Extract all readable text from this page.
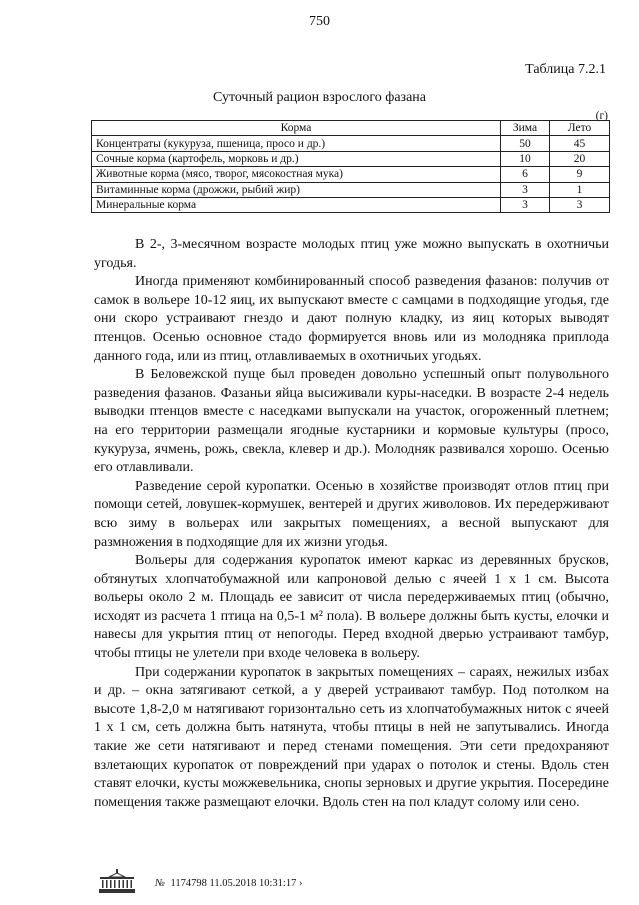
750
Таблица 7.2.1
Суточный рацион взрослого фазана
(г)
Корма	Зима	Лето
Концентраты (кукуруза, пшеница, просо и др.)	50	45
Сочные корма (картофель, морковь и др.)	10	20
Животные корма (мясо, творог, мясокостная мука)	6	9
Витаминные корма (дрожжи, рыбий жир)	3	1
Минеральные корма	3	3

В 2-, 3-месячном возрасте молодых птиц уже можно выпускать в охотничьи угодья.

Иногда применяют комбинированный способ разведения фазанов: получив от самок в вольере 10-12 яиц, их выпускают вместе с самцами в подходящие угодья, где они скоро устраивают гнездо и дают полную кладку, из яиц которых выводят птенцов. Осенью основное стадо формируется вновь или из молодняка приплода данного года, или из птиц, отлавливаемых в охотничьих угодьях.

В Беловежской пуще был проведен довольно успешный опыт полувольного разведения фазанов. Фазаньи яйца высиживали куры-наседки. В возрасте 2-4 недель выводки птенцов вместе с наседками выпускали на участок, огороженный плетнем; на его территории размещали ягодные кустарники и кормовые культуры (просо, кукуруза, ячмень, рожь, свекла, клевер и др.). Молодняк развивался хорошо. Осенью его отлавливали.

Разведение серой куропатки. Осенью в хозяйстве производят отлов птиц при помощи сетей, ловушек-кормушек, вентерей и других живоловов. Их передерживают всю зиму в вольерах или закрытых помещениях, а весной выпускают для размножения в подходящие для их жизни угодья.

Вольеры для содержания куропаток имеют каркас из деревянных брусков, обтянутых хлопчатобумажной или капроновой делью с ячеей 1 х 1 см. Высота вольеры около 2 м. Площадь ее зависит от числа передерживаемых птиц (обычно, исходят из расчета 1 птица на 0,5-1 м² пола). В вольере должны быть кусты, елочки и навесы для укрытия птиц от непогоды. Перед входной дверью устраивают тамбур, чтобы птицы не улетели при входе человека в вольеру.

При содержании куропаток в закрытых помещениях – сараях, нежилых избах и др. – окна затягивают сеткой, а у дверей устраивают тамбур. Под потолком на высоте 1,8-2,0 м натягивают горизонтально сеть из хлопчатобумажных ниток с ячеей 1 х 1 см, сеть должна быть натянута, чтобы птицы в ней не запутывались. Иногда такие же сети натягивают и перед стенами помещения. Эти сети предохраняют взлетающих куропаток от повреждений при ударах о потолок и стены. Вдоль стен ставят елочки, кусты можжевельника, снопы зерновых и другие укрытия. Посередине помещения также размещают елочки. Вдоль стен на пол кладут солому или сено.

№ 1174798 11.05.2018 10:31:17 ›
